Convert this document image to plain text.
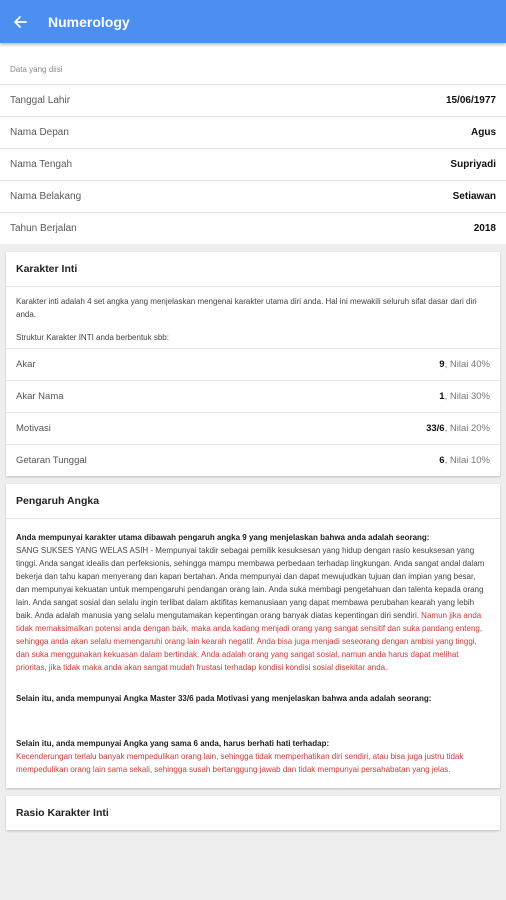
Numerology
Data yang diisi
Tanggal Lahir	15/06/1977
Nama Depan	Agus
Nama Tengah	Supriyadi
Nama Belakang	Setiawan
Tahun Berjalan	2018
Karakter Inti
Karakter inti adalah 4 set angka yang menjelaskan mengenai karakter utama diri anda. Hal ini mewakili seluruh sifat dasar dari diri anda.
Struktur Karakter INTI anda berbentuk sbb:
Akar	9, Nilai 40%
Akar Nama	1, Nilai 30%
Motivasi	33/6, Nilai 20%
Getaran Tunggal	6, Nilai 10%
Pengaruh Angka
Anda mempunyai karakter utama dibawah pengaruh angka 9 yang menjelaskan bahwa anda adalah seorang:
SANG SUKSES YANG WELAS ASIH - Mempunyai takdir sebagai pemilik kesuksesan yang hidup dengan rasio kesuksesan yang tinggi. Anda sangat idealis dan perfeksionis, sehingga mampu membawa perbedaan terhadap lingkungan. Anda sangat andal dalam bekerja dan tahu kapan menyerang dan kapan bertahan. Anda mempunyai dan dapat mewujudkan tujuan dan impian yang besar, dan mempunyai kekuatan untuk mempengaruhi pendangan orang lain. Anda suka membagi pengetahuan dan talenta kepada orang lain. Anda sangat sosial dan selalu ingin terlibat dalam aktifitas kemanusiaan yang dapat membawa perubahan kearah yang lebih baik. Anda adalah manusia yang selalu mengutamakan kepentingan orang banyak diatas kepentingan diri sendiri. Namun jika anda tidak memaksimalkan potensi anda dengan baik, maka anda kadang menjadi orang yang sangat sensitif dan suka pandang enteng, sehingga anda akan selalu memengaruhi orang lain kearah negatif. Anda bisa juga menjadi seseorang dengan ambisi yang tinggi, dan suka menggunakan kekuasan dalam bertindak. Anda adalah orang yang sangat sosial, namun anda harus dapat melihat prioritas, jika tidak maka anda akan sangat mudah frustasi terhadap kondisi kondisi sosial disekitar anda.
Selain itu, anda mempunyai Angka Master 33/6 pada Motivasi yang menjelaskan bahwa anda adalah seorang:
Selain itu, anda mempunyai Angka yang sama 6 anda, harus berhati hati terhadap:
Kecenderungan terlalu banyak mempedulikan orang lain, sehingga tidak memperhatikan diri sendiri, atau bisa juga justru tidak mempedulikan orang lain sama sekali, sehingga susah bertanggung jawab dan tidak mempunyai persahabatan yang jelas.
Rasio Karakter Inti
